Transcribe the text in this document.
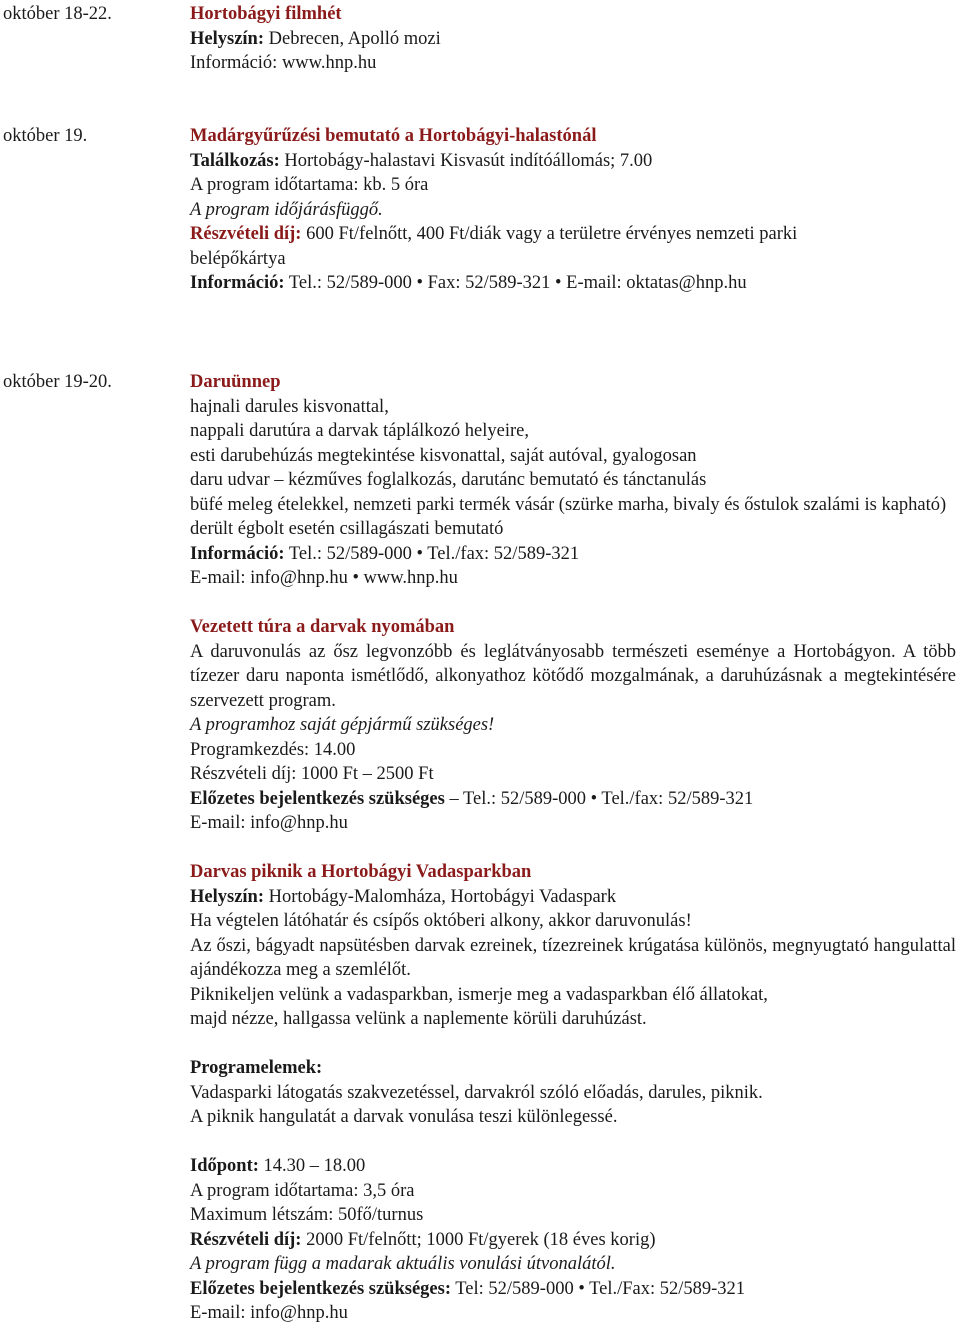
október 18-22.	Hortobágyi filmhét
Helyszín: Debrecen, Apolló mozi
Információ: www.hnp.hu
október 19.	Madárgyűrűzési bemutató a Hortobágyi-halastónál
Találkozás: Hortobágy-halastavi Kisvasút indítóállomás; 7.00
A program időtartama: kb. 5 óra
A program időjárásfüggő.
Részvételi díj: 600 Ft/felnőtt, 400 Ft/diák vagy a területre érvényes nemzeti parki
belépőkártya
Információ: Tel.: 52/589-000 • Fax: 52/589-321 • E-mail: oktatas@hnp.hu
október 19-20.	Daruünnep
hajnali darules kisvonattal,
nappali darutúra a darvak táplálkozó helyeire,
esti darubehúzás megtekintése kisvonattal, saját autóval, gyalogosan
daru udvar – kézműves foglalkozás, darutánc bemutató és tánctanulás
büfé meleg ételekkel, nemzeti parki termék vásár (szürke marha, bivaly és őstulok szalámi is kapható)
derült égbolt esetén csillagászati bemutató
Információ: Tel.: 52/589-000 • Tel./fax: 52/589-321
E-mail: info@hnp.hu • www.hnp.hu
Vezetett túra a darvak nyomában
A daruvonulás az ősz legvonzóbb és leglátványosabb természeti eseménye a Hortobágyon. A több tízezer daru naponta ismétlődő, alkonyathoz kötődő mozgalmának, a daruhúzásnak a megtekintésére szervezett program.
A programhoz saját gépjármű szükséges!
Programkezdés: 14.00
Részvételi díj: 1000 Ft – 2500 Ft
Előzetes bejelentkezés szükséges – Tel.: 52/589-000 • Tel./fax: 52/589-321
E-mail: info@hnp.hu
Darvas piknik a Hortobágyi Vadasparkban
Helyszín: Hortobágy-Malomháza, Hortobágyi Vadaspark
Ha végtelen látóhatár és csípős októberi alkony, akkor daruvonulás!
Az őszi, bágyadt napsütésben darvak ezreinek, tízezreinek krúgatása különös, megnyugtató hangulattal ajándékozza meg a szemlélőt.
Piknikeljen velünk a vadasparkban, ismerje meg a vadasparkban élő állatokat,
majd nézze, hallgassa velünk a naplemente körüli daruhúzást.
Programelemek:
Vadasparki látogatás szakvezetéssel, darvakról szóló előadás, darules, piknik.
A piknik hangulatát a darvak vonulása teszi különlegessé.
Időpont: 14.30 – 18.00
A program időtartama: 3,5 óra
Maximum létszám: 50fő/turnus
Részvételi díj: 2000 Ft/felnőtt; 1000 Ft/gyerek (18 éves korig)
A program függ a madarak aktuális vonulási útvonalától.
Előzetes bejelentkezés szükséges: Tel: 52/589-000 • Tel./Fax: 52/589-321
E-mail: info@hnp.hu
